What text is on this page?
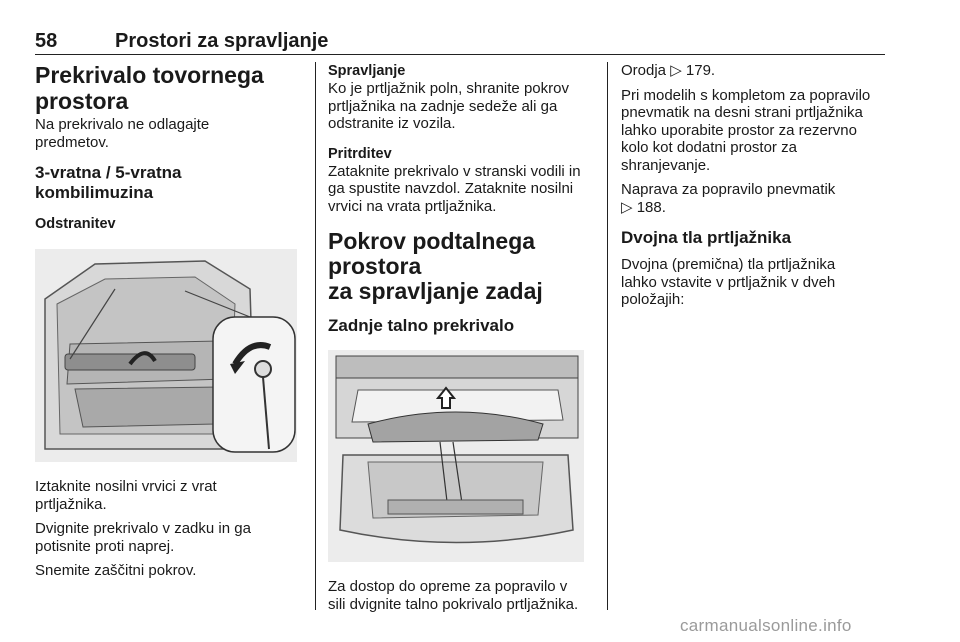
58	Prostori za spravljanje
Prekrivalo tovornega
prostora

Na prekrivalo ne odlagajte
predmetov.

3-vratna / 5-vratna kombilimuzina
Odstranitev

Iztaknite nosilni vrvici z vrat
prtljažnika.

Dvignite prekrivalo v zadku in ga
potisnite proti naprej.

Snemite zaščitni pokrov.

Spravljanje

Ko je prtljažnik poln, shranite pokrov
prtljažnika na zadnje sedeže ali ga
odstranite iz vozila.

Pritrditev

Zataknite prekrivalo v stranski vodili in
ga spustite navzdol. Zataknite nosilni
vrvici na vrata prtljažnika.

Pokrov podtalnega prostora
za spravljanje zadaj
Zadnje talno prekrivalo

Za dostop do opreme za popravilo v
sili dvignite talno pokrivalo prtljažnika.

Orodja ▷ 179.

Pri modelih s kompletom za popravilo
pnevmatik na desni strani prtljažnika
lahko uporabite prostor za rezervno
kolo kot dodatni prostor za
shranjevanje.

Naprava za popravilo pnevmatik
▷ 188.

Dvojna tla prtljažnika

Dvojna (premična) tla prtljažnika
lahko vstavite v prtljažnik v dveh
položajih:

carmanualsonline.info
